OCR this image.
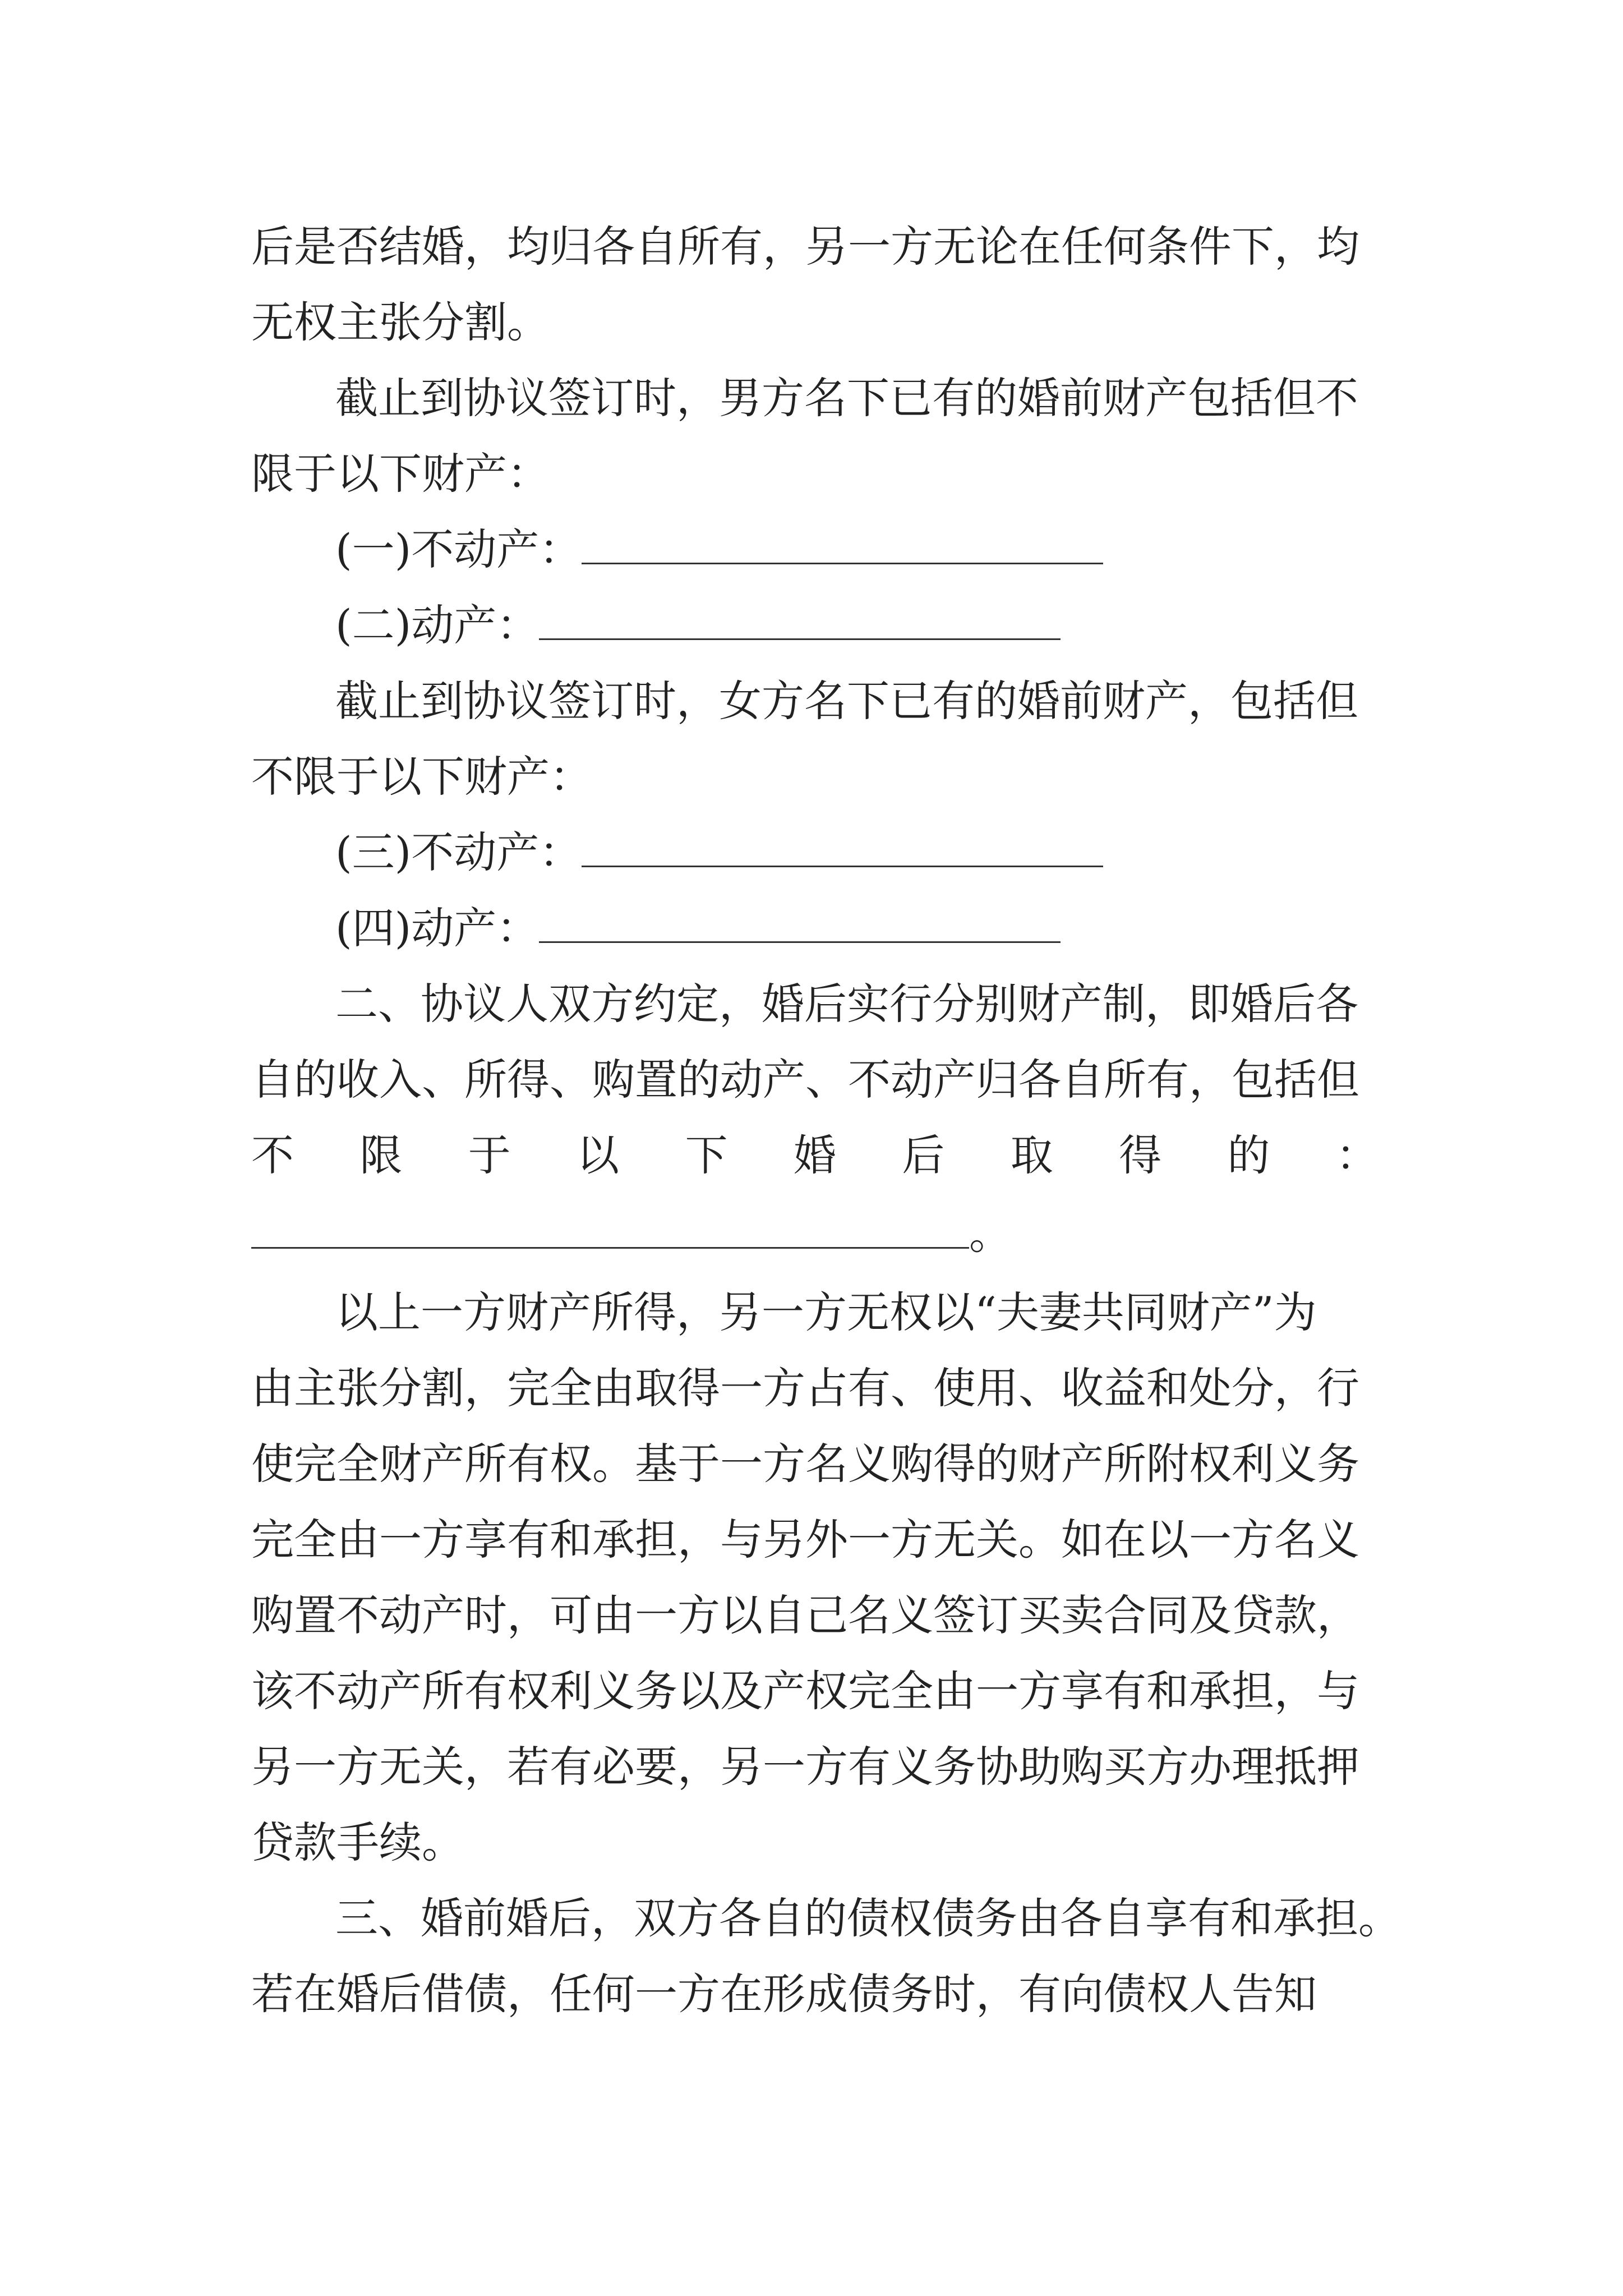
后是否结婚，均归各自所有，另一方无论在任何条件下，均
无权主张分割。
截止到协议签订时，男方名下已有的婚前财产包括但不
限于以下财产：
(一)不动产：
(二)动产：
截止到协议签订时，女方名下已有的婚前财产，包括但
不限于以下财产：
(三)不动产：
(四)动产：
二、协议人双方约定，婚后实行分别财产制，即婚后各
自的收入、所得、购置的动产、不动产归各自所有，包括但
不 限 于 以 下 婚 后 取 得 的 ：
。
以上一方财产所得，另一方无权以“夫妻共同财产”为
由主张分割，完全由取得一方占有、使用、收益和处分，行
使完全财产所有权。基于一方名义购得的财产所附权利义务
完全由一方享有和承担，与另外一方无关。如在以一方名义
购置不动产时，可由一方以自己名义签订买卖合同及贷款，
该不动产所有权利义务以及产权完全由一方享有和承担，与
另一方无关，若有必要，另一方有义务协助购买方办理抵押
贷款手续。
三、婚前婚后，双方各自的债权债务由各自享有和承担。
若在婚后借债，任何一方在形成债务时，有向债权人告知
